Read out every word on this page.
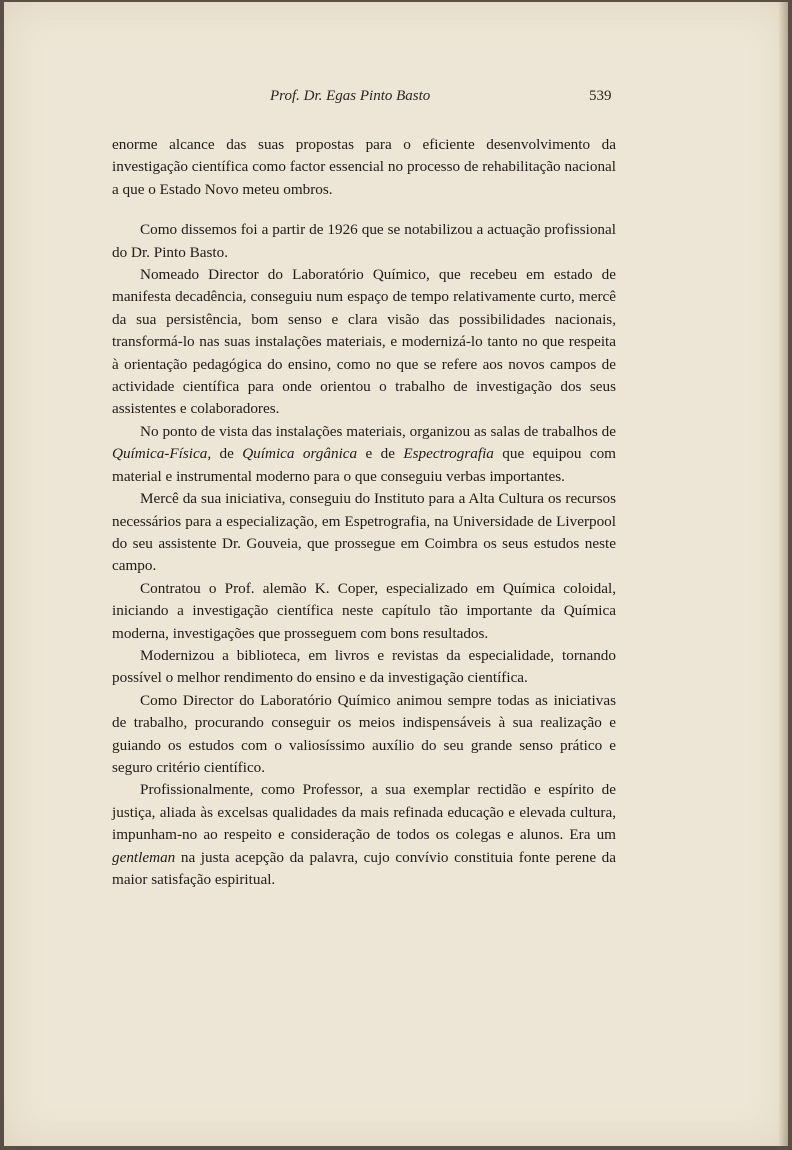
Prof. Dr. Egas Pinto Basto	539

enorme alcance das suas propostas para o eficiente desenvolvimento da investigação científica como factor essencial no processo de rehabilitação nacional a que o Estado Novo meteu ombros.

Como dissemos foi a partir de 1926 que se notabilizou a actuação profissional do Dr. Pinto Basto.

Nomeado Director do Laboratório Químico, que recebeu em estado de manifesta decadência, conseguiu num espaço de tempo relativamente curto, mercê da sua persistência, bom senso e clara visão das possibilidades nacionais, transformá-lo nas suas instalações materiais, e modernizá-lo tanto no que respeita à orientação pedagógica do ensino, como no que se refere aos novos campos de actividade científica para onde orientou o trabalho de investigação dos seus assistentes e colaboradores.

No ponto de vista das instalações materiais, organizou as salas de trabalhos de Química-Física, de Química orgânica e de Espectrografia que equipou com material e instrumental moderno para o que conseguiu verbas importantes.

Mercê da sua iniciativa, conseguiu do Instituto para a Alta Cultura os recursos necessários para a especialização, em Espetrografia, na Universidade de Liverpool do seu assistente Dr. Gouveia, que prossegue em Coimbra os seus estudos neste campo.

Contratou o Prof. alemão K. Coper, especializado em Química coloidal, iniciando a investigação científica neste capítulo tão importante da Química moderna, investigações que prosseguem com bons resultados.

Modernizou a biblioteca, em livros e revistas da especialidade, tornando possível o melhor rendimento do ensino e da investigação científica.

Como Director do Laboratório Químico animou sempre todas as iniciativas de trabalho, procurando conseguir os meios indispensáveis à sua realização e guiando os estudos com o valiosíssimo auxílio do seu grande senso prático e seguro critério científico.

Profissionalmente, como Professor, a sua exemplar rectidão e espírito de justiça, aliada às excelsas qualidades da mais refinada educação e elevada cultura, impunham-no ao respeito e consideração de todos os colegas e alunos. Era um gentleman na justa acepção da palavra, cujo convívio constituia fonte perene da maior satisfação espiritual.
